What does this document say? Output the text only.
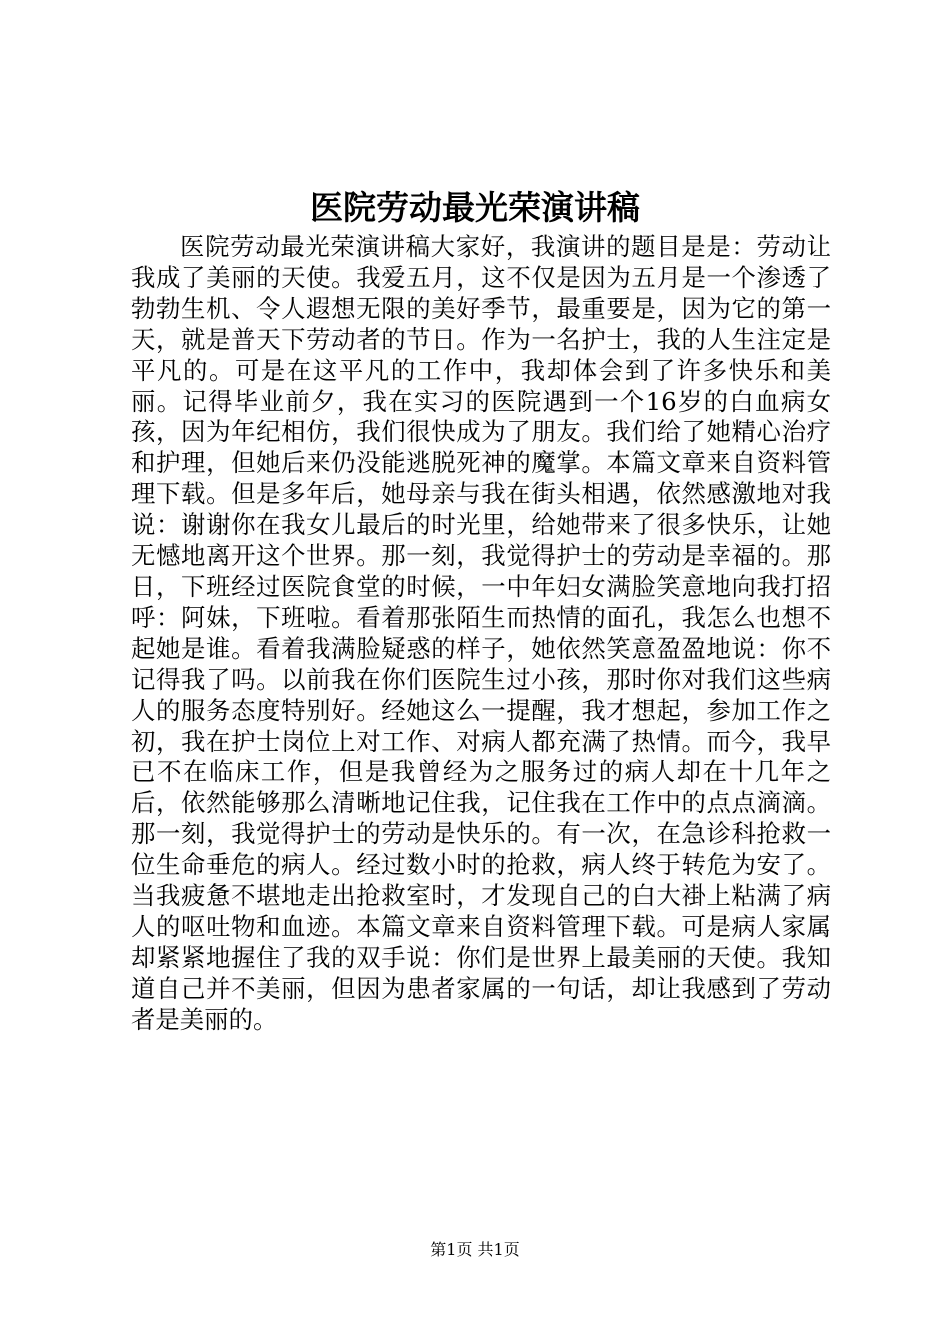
医院劳动最光荣演讲稿

医院劳动最光荣演讲稿大家好，我演讲的题目是是：劳动让我成了美丽的天使。我爱五月，这不仅是因为五月是一个渗透了勃勃生机、令人遐想无限的美好季节，最重要是，因为它的第一天，就是普天下劳动者的节日。作为一名护士，我的人生注定是平凡的。可是在这平凡的工作中，我却体会到了许多快乐和美丽。记得毕业前夕，我在实习的医院遇到一个16岁的白血病女孩，因为年纪相仿，我们很快成为了朋友。我们给了她精心治疗和护理，但她后来仍没能逃脱死神的魔掌。本篇文章来自资料管理下载。但是多年后，她母亲与我在街头相遇，依然感激地对我说：谢谢你在我女儿最后的时光里，给她带来了很多快乐，让她无憾地离开这个世界。那一刻，我觉得护士的劳动是幸福的。那日，下班经过医院食堂的时候，一中年妇女满脸笑意地向我打招呼：阿妹，下班啦。看着那张陌生而热情的面孔，我怎么也想不起她是谁。看着我满脸疑惑的样子，她依然笑意盈盈地说：你不记得我了吗。以前我在你们医院生过小孩，那时你对我们这些病人的服务态度特别好。经她这么一提醒，我才想起，参加工作之初，我在护士岗位上对工作、对病人都充满了热情。而今，我早已不在临床工作，但是我曾经为之服务过的病人却在十几年之后，依然能够那么清晰地记住我，记住我在工作中的点点滴滴。那一刻，我觉得护士的劳动是快乐的。有一次，在急诊科抢救一位生命垂危的病人。经过数小时的抢救，病人终于转危为安了。当我疲惫不堪地走出抢救室时，才发现自己的白大褂上粘满了病人的呕吐物和血迹。本篇文章来自资料管理下载。可是病人家属却紧紧地握住了我的双手说：你们是世界上最美丽的天使。我知道自己并不美丽，但因为患者家属的一句话，却让我感到了劳动者是美丽的。

第1页 共1页
